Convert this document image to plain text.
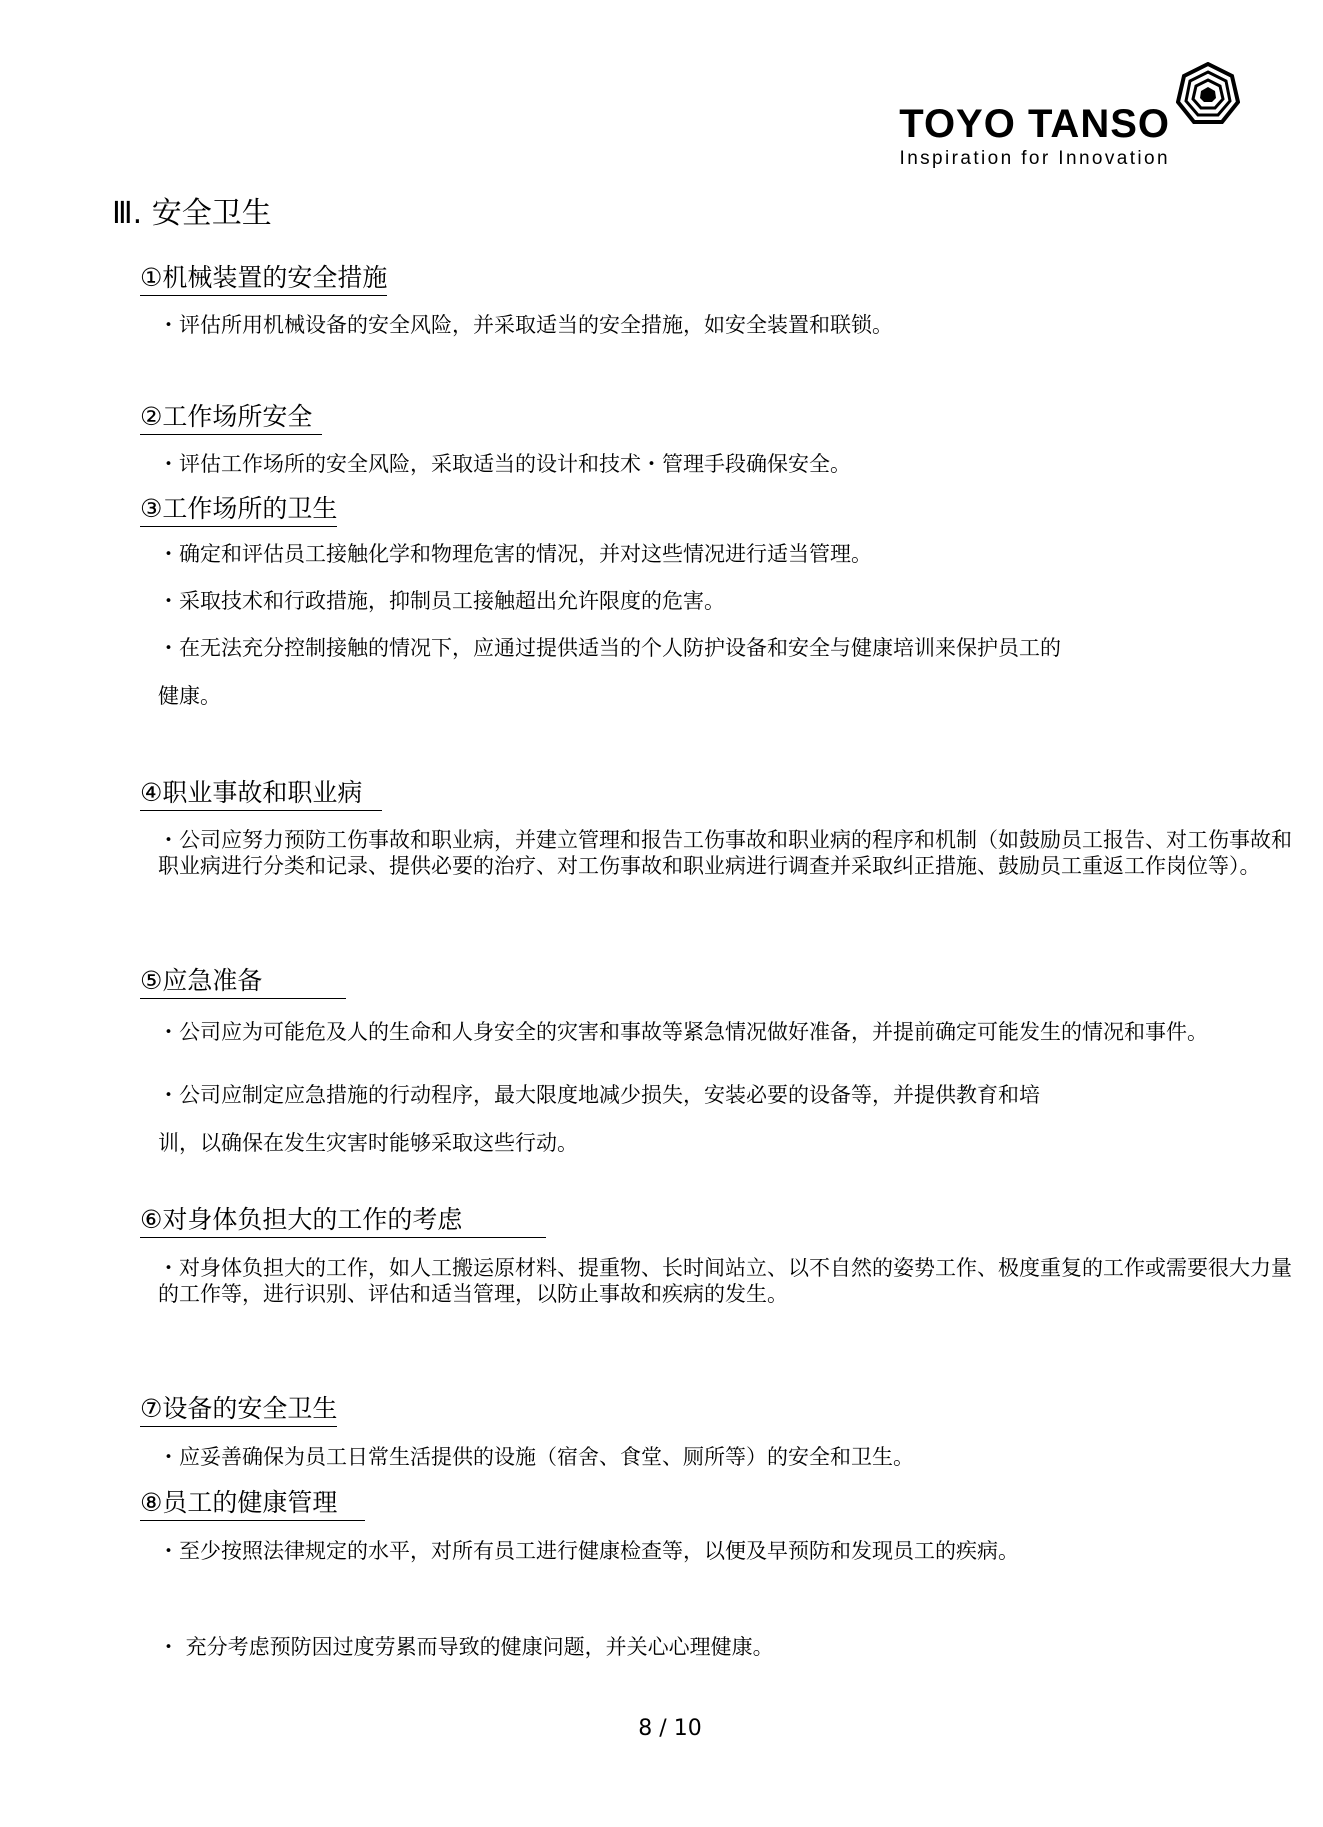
TOYO TANSO
Inspiration for Innovation
Ⅲ. 安全卫生
①机械装置的安全措施
・评估所用机械设备的安全风险，并采取适当的安全措施，如安全装置和联锁。
②工作场所安全
・评估工作场所的安全风险，采取适当的设计和技术・管理手段确保安全。
③工作场所的卫生
・确定和评估员工接触化学和物理危害的情况，并对这些情况进行适当管理。
・采取技术和行政措施，抑制员工接触超出允许限度的危害。
・在无法充分控制接触的情况下，应通过提供适当的个人防护设备和安全与健康培训来保护员工的
健康。
④职业事故和职业病
・公司应努力预防工伤事故和职业病，并建立管理和报告工伤事故和职业病的程序和机制（如鼓励员工报告、对工伤事故和职业病进行分类和记录、提供必要的治疗、对工伤事故和职业病进行调查并采取纠正措施、鼓励员工重返工作岗位等）。
⑤应急准备
・公司应为可能危及人的生命和人身安全的灾害和事故等紧急情况做好准备，并提前确定可能发生的情况和事件。
・公司应制定应急措施的行动程序，最大限度地减少损失，安装必要的设备等，并提供教育和培
训，以确保在发生灾害时能够采取这些行动。
⑥对身体负担大的工作的考虑
・对身体负担大的工作，如人工搬运原材料、提重物、长时间站立、以不自然的姿势工作、极度重复的工作或需要很大力量的工作等，进行识别、评估和适当管理，以防止事故和疾病的发生。
⑦设备的安全卫生
・应妥善确保为员工日常生活提供的设施（宿舍、食堂、厕所等）的安全和卫生。
⑧员工的健康管理
・至少按照法律规定的水平，对所有员工进行健康检查等，以便及早预防和发现员工的疾病。
・ 充分考虑预防因过度劳累而导致的健康问题，并关心心理健康。
8 / 10
